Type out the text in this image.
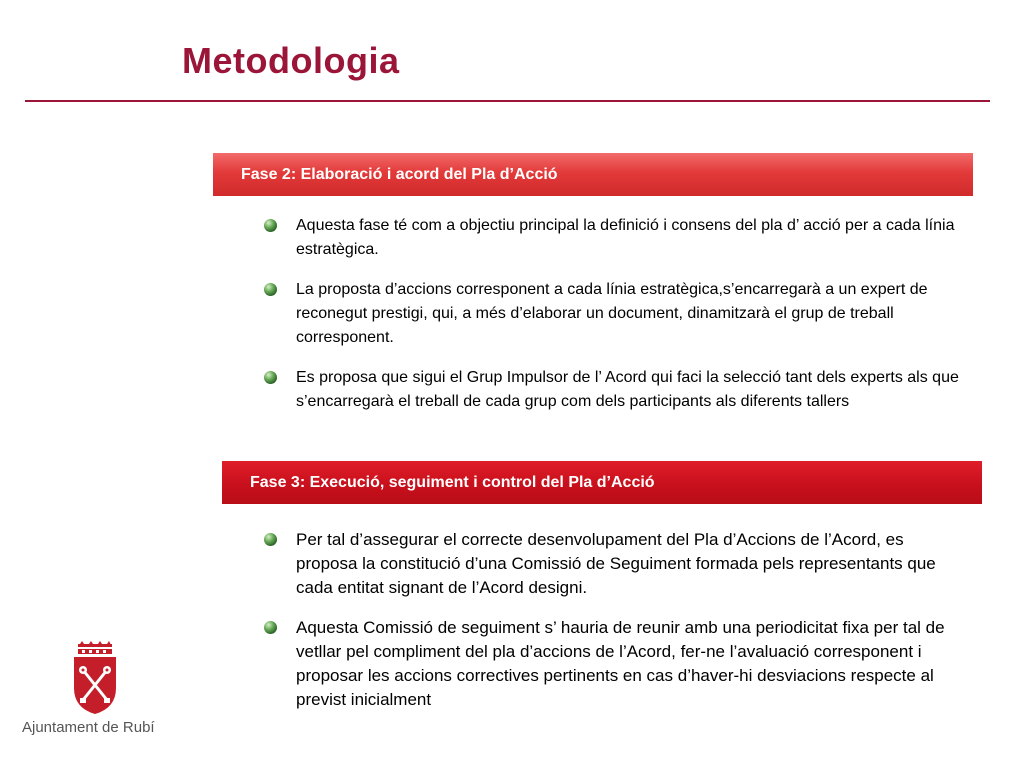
Metodologia
Fase 2: Elaboració i acord del Pla d’Acció
Aquesta fase té com a objectiu principal la definició i consens del pla d’ acció per a cada línia estratègica.
La proposta d’accions corresponent a cada línia estratègica,s’encarregarà a un expert de reconegut prestigi, qui, a més d’elaborar un document, dinamitzarà el grup de treball corresponent.
Es proposa que sigui el Grup Impulsor de l’ Acord qui faci la selecció tant dels experts als que s’encarregarà el treball de cada grup com dels participants als diferents tallers
Fase 3: Execució, seguiment i control del Pla d’Acció
Per tal d’assegurar el correcte desenvolupament del Pla d’Accions de l’Acord, es proposa la constitució d’una Comissió de Seguiment formada pels representants que cada entitat signant de l’Acord designi.
Aquesta Comissió de seguiment s’ hauria de reunir amb una periodicitat fixa per tal de vetllar pel compliment del pla d’accions de l’Acord, fer-ne l’avaluació corresponent i proposar les accions correctives pertinents en cas d’haver-hi desviacions respecte al previst inicialment
Ajuntament de Rubí
